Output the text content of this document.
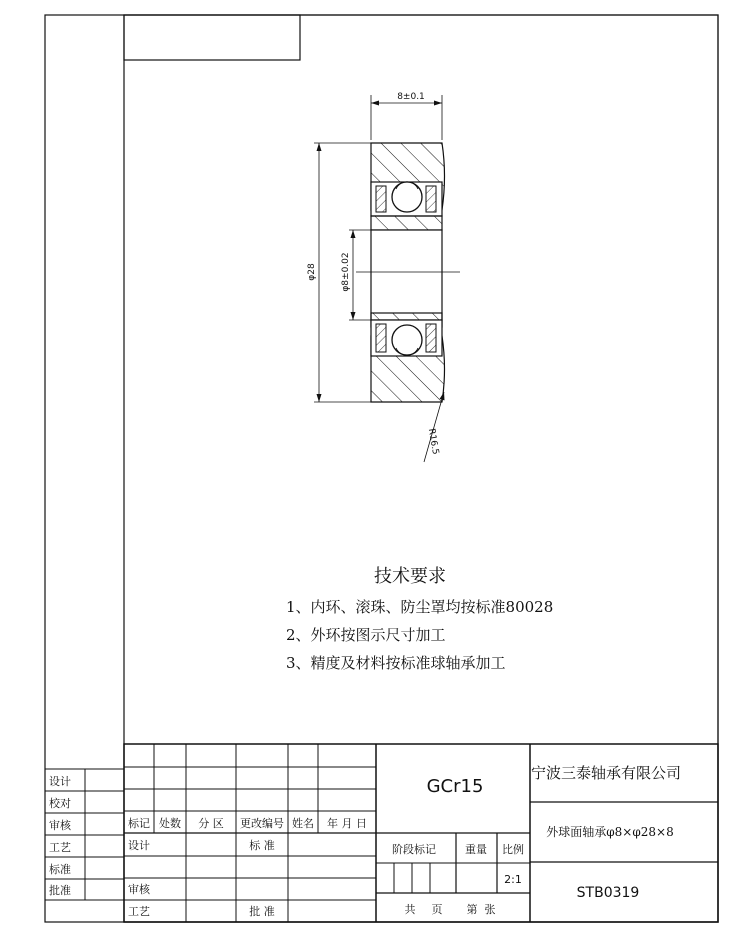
8±0.1
φ28	φ8±0.02
R16.5
技术要求
1、内环、滚珠、防尘罩均按标准80028
2、外环按图示尺寸加工
3、精度及材料按标准球轴承加工
设计
校对
审核
工艺
标准
批准
标记 处数 分 区 更改编号 姓名 年 月 日
设计	标 准
审核
工艺	批 准
GCr15
宁波三泰轴承有限公司
外球面轴承φ8×φ28×8
STB0319
阶段标记	重量 比例
2:1
共 页 第 张
